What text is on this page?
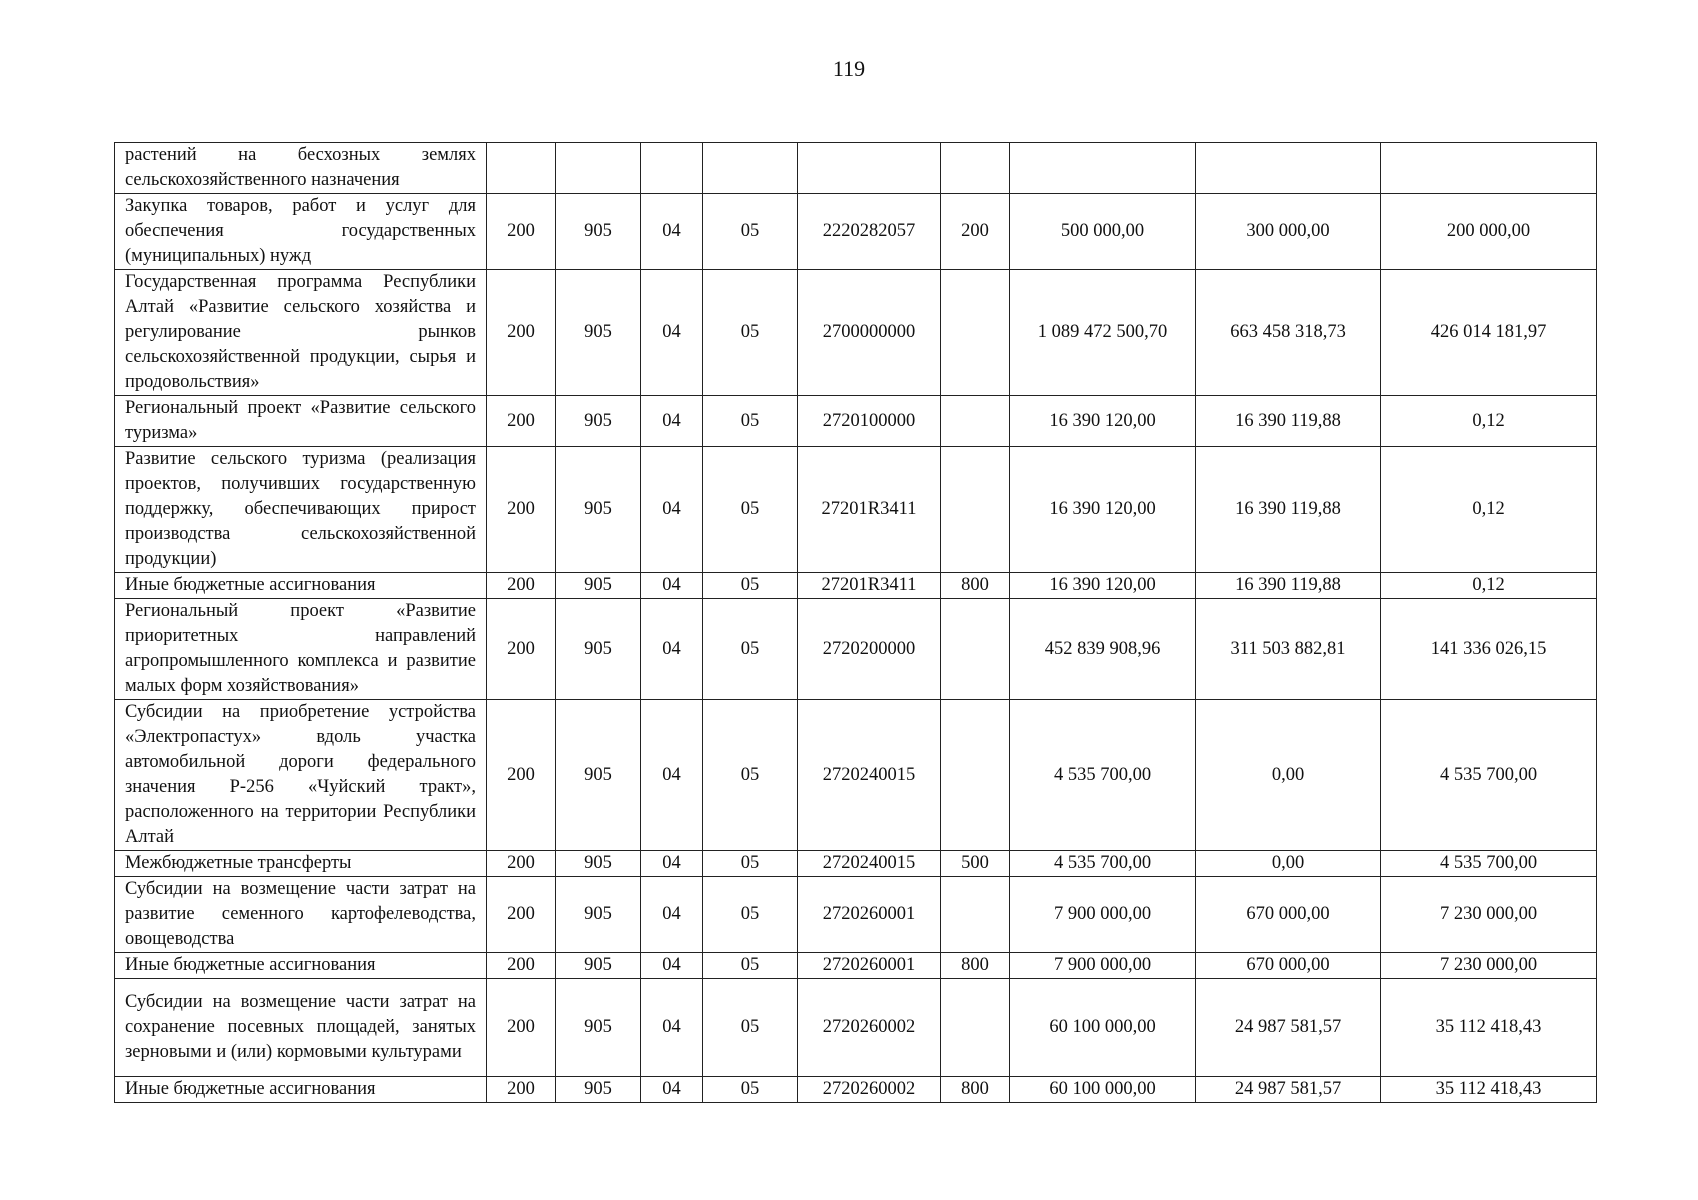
119
растений на бесхозных землях сельскохозяйственного назначения									
Закупка товаров, работ и услуг для обеспечения государственных (муниципальных) нужд	200	905	04	05	2220282057	200	500 000,00	300 000,00	200 000,00
Государственная программа Республики Алтай «Развитие сельского хозяйства и регулирование рынков сельскохозяйственной продукции, сырья и продовольствия»	200	905	04	05	2700000000		1 089 472 500,70	663 458 318,73	426 014 181,97
Региональный проект «Развитие сельского туризма»	200	905	04	05	2720100000		16 390 120,00	16 390 119,88	0,12
Развитие сельского туризма (реализация проектов, получивших государственную поддержку, обеспечивающих прирост производства сельскохозяйственной продукции)	200	905	04	05	27201R3411		16 390 120,00	16 390 119,88	0,12
Иные бюджетные ассигнования	200	905	04	05	27201R3411	800	16 390 120,00	16 390 119,88	0,12
Региональный проект «Развитие приоритетных направлений агропромышленного комплекса и развитие малых форм хозяйствования»	200	905	04	05	2720200000		452 839 908,96	311 503 882,81	141 336 026,15
Субсидии на приобретение устройства «Электропастух» вдоль участка автомобильной дороги федерального значения Р-256 «Чуйский тракт», расположенного на территории Республики Алтай	200	905	04	05	2720240015		4 535 700,00	0,00	4 535 700,00
Межбюджетные трансферты	200	905	04	05	2720240015	500	4 535 700,00	0,00	4 535 700,00
Субсидии на возмещение части затрат на развитие семенного картофелеводства, овощеводства	200	905	04	05	2720260001		7 900 000,00	670 000,00	7 230 000,00
Иные бюджетные ассигнования	200	905	04	05	2720260001	800	7 900 000,00	670 000,00	7 230 000,00
Субсидии на возмещение части затрат на сохранение посевных площадей, занятых зерновыми и (или) кормовыми культурами	200	905	04	05	2720260002		60 100 000,00	24 987 581,57	35 112 418,43
Иные бюджетные ассигнования	200	905	04	05	2720260002	800	60 100 000,00	24 987 581,57	35 112 418,43
